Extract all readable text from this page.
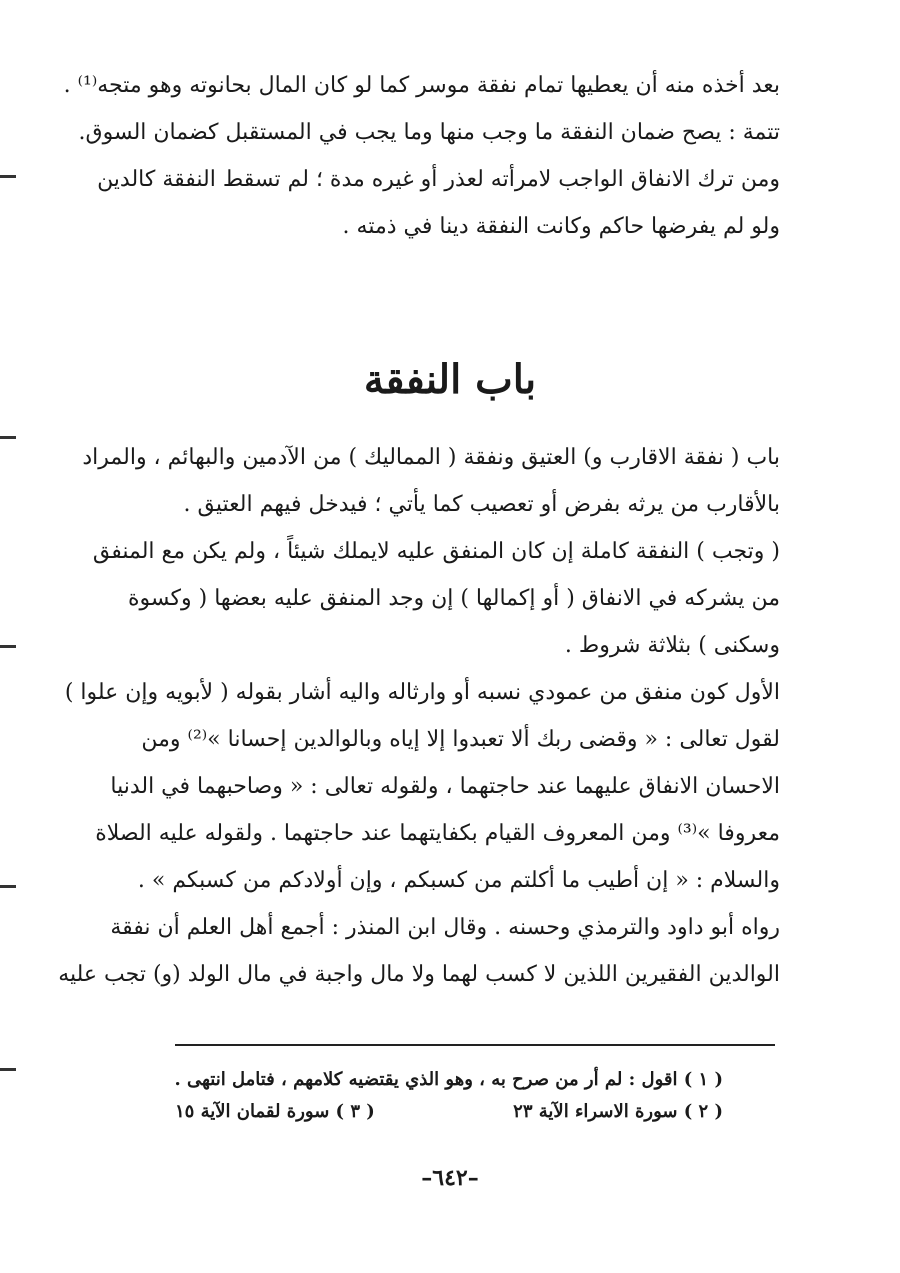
بعد أخذه منه أن يعطيها تمام نفقة موسر كما لو كان المال بحانوته وهو متجه⁽¹⁾ .
تتمة : يصح ضمان النفقة ما وجب منها وما يجب في المستقبل كضمان السوق.
ومن ترك الانفاق الواجب لامرأته لعذر أو غيره مدة ؛ لم تسقط النفقة كالدين
ولو لم يفرضها حاكم وكانت النفقة دينا في ذمته .
باب النفقة
باب ( نفقة الاقارب و) العتيق ونفقة ( المماليك ) من الآدمين والبهائم ، والمراد
بالأقارب من يرثه بفرض أو تعصيب كما يأتي ؛ فيدخل فيهم العتيق .
( وتجب ) النفقة كاملة إن كان المنفق عليه لايملك شيئاً ، ولم يكن مع المنفق
من يشركه في الانفاق ( أو إكمالها ) إن وجد المنفق عليه بعضها ( وكسوة
وسكنى ) بثلاثة شروط .
الأول كون منفق من عمودي نسبه أو وارثاله واليه أشار بقوله ( لأبويه وإن علوا )
لقول تعالى : « وقضى ربك ألا تعبدوا إلا إياه وبالوالدين إحسانا »⁽²⁾ ومن
الاحسان الانفاق عليهما عند حاجتهما ، ولقوله تعالى : « وصاحبهما في الدنيا
معروفا »⁽³⁾ ومن المعروف القيام بكفايتهما عند حاجتهما . ولقوله عليه الصلاة
والسلام : « إن أطيب ما أكلتم من كسبكم ، وإن أولادكم من كسبكم » .
رواه أبو داود والترمذي وحسنه . وقال ابن المنذر : أجمع أهل العلم أن نفقة
الوالدين الفقيرين اللذين لا كسب لهما ولا مال واجبة في مال الولد (و) تجب عليه
( ١ ) اقول : لم أر من صرح به ، وهو الذي يقتضيه كلامهم ، فتامل انتهى .
( ٢ ) سورة الاسراء الآية ٢٣
( ٣ ) سورة لقمان الآية ١٥
–٦٤٢–
